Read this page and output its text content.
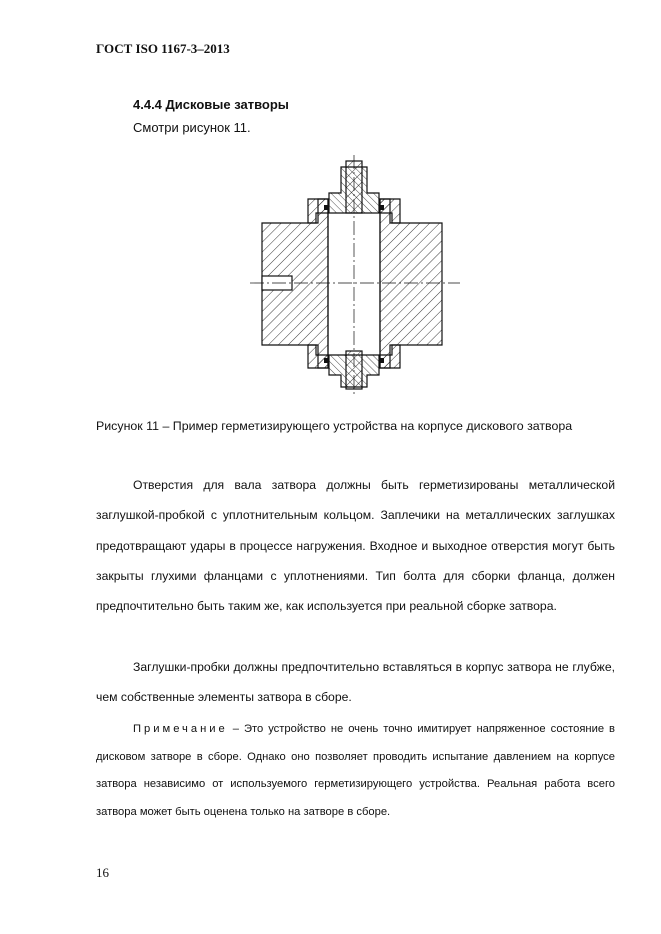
ГОСТ ISO 1167-3–2013
4.4.4 Дисковые затворы
Смотри рисунок 11.
Рисунок 11 – Пример герметизирующего устройства на корпусе дискового затвора

Отверстия для вала затвора должны быть герметизированы металлической заглушкой-пробкой с уплотнительным кольцом. Заплечики на металлических заглушках предотвращают удары в процессе нагружения. Входное и выходное отверстия могут быть закрыты глухими фланцами с уплотнениями. Тип болта для сборки фланца, должен предпочтительно быть таким же, как используется при реальной сборке затвора.

Заглушки-пробки должны предпочтительно вставляться в корпус затвора не глубже, чем собственные элементы затвора в сборе.

Примечание – Это устройство не очень точно имитирует напряженное состояние в дисковом затворе в сборе. Однако оно позволяет проводить испытание давлением на корпусе затвора независимо от используемого герметизирующего устройства. Реальная работа всего затвора может быть оценена только на затворе в сборе.

16
